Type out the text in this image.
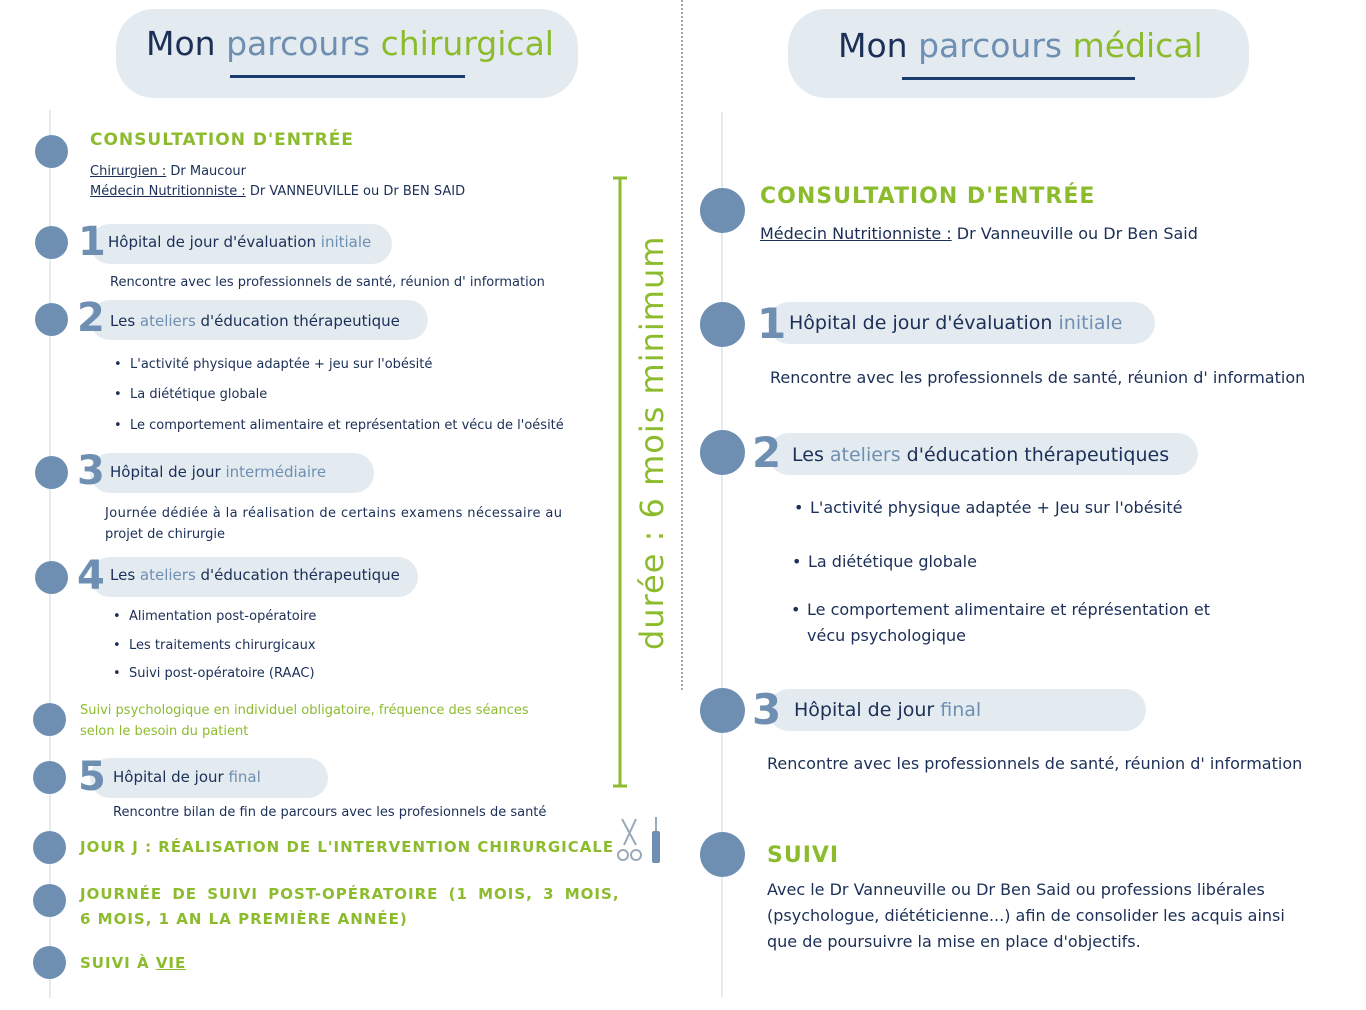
Mon parcours chirurgical
CONSULTATION D'ENTRÉE
Chirurgien : Dr Maucour
Médecin Nutritionniste : Dr VANNEUVILLE ou Dr BEN SAID
1 Hôpital de jour d'évaluation initiale
Rencontre avec les professionnels de santé, réunion d' information
2 Les ateliers d'éducation thérapeutique
• L'activité physique adaptée + jeu sur l'obésité
• La diététique globale
• Le comportement alimentaire et représentation et vécu de l'oésité
3 Hôpital de jour intermédiaire
Journée dédiée à la réalisation de certains examens nécessaire au
projet de chirurgie
4 Les ateliers d'éducation thérapeutique
• Alimentation post-opératoire
• Les traitements chirurgicaux
• Suivi post-opératoire (RAAC)
Suivi psychologique en individuel obligatoire, fréquence des séances
selon le besoin du patient
5 Hôpital de jour final
Rencontre bilan de fin de parcours avec les profesionnels de santé
JOUR J : RÉALISATION DE L'INTERVENTION CHIRURGICALE
JOURNÉE DE SUIVI POST-OPÉRATOIRE (1 MOIS, 3 MOIS,
6 MOIS, 1 AN LA PREMIÈRE ANNÉE)
SUIVI À VIE
durée : 6 mois minimum
Mon parcours médical
CONSULTATION D'ENTRÉE
Médecin Nutritionniste : Dr Vanneuville ou Dr Ben Said
1 Hôpital de jour d'évaluation initiale
Rencontre avec les professionnels de santé, réunion d' information
2 Les ateliers d'éducation thérapeutiques
• L'activité physique adaptée + Jeu sur l'obésité
• La diététique globale
• Le comportement alimentaire et réprésentation et
vécu psychologique
3 Hôpital de jour final
Rencontre avec les professionnels de santé, réunion d' information
SUIVI
Avec le Dr Vanneuville ou Dr Ben Said ou professions libérales
(psychologue, diététicienne...) afin de consolider les acquis ainsi
que de poursuivre la mise en place d'objectifs.
